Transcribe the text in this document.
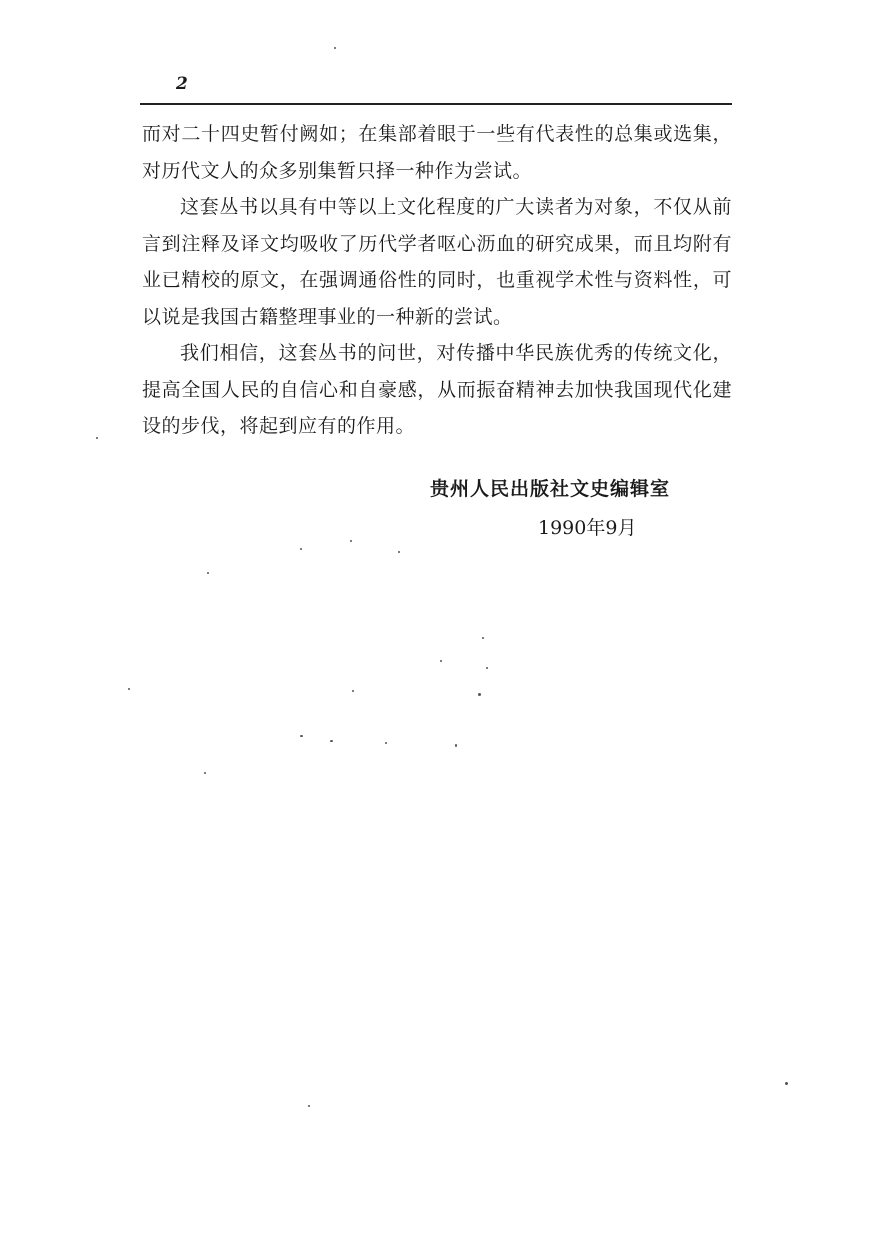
2

而对二十四史暂付阙如；在集部着眼于一些有代表性的总集或选集，对历代文人的众多别集暂只择一种作为尝试。

这套丛书以具有中等以上文化程度的广大读者为对象，不仅从前言到注释及译文均吸收了历代学者呕心沥血的研究成果，而且均附有业已精校的原文，在强调通俗性的同时，也重视学术性与资料性，可以说是我国古籍整理事业的一种新的尝试。

我们相信，这套丛书的问世，对传播中华民族优秀的传统文化，提高全国人民的自信心和自豪感，从而振奋精神去加快我国现代化建设的步伐，将起到应有的作用。

贵州人民出版社文史编辑室
1990年9月
